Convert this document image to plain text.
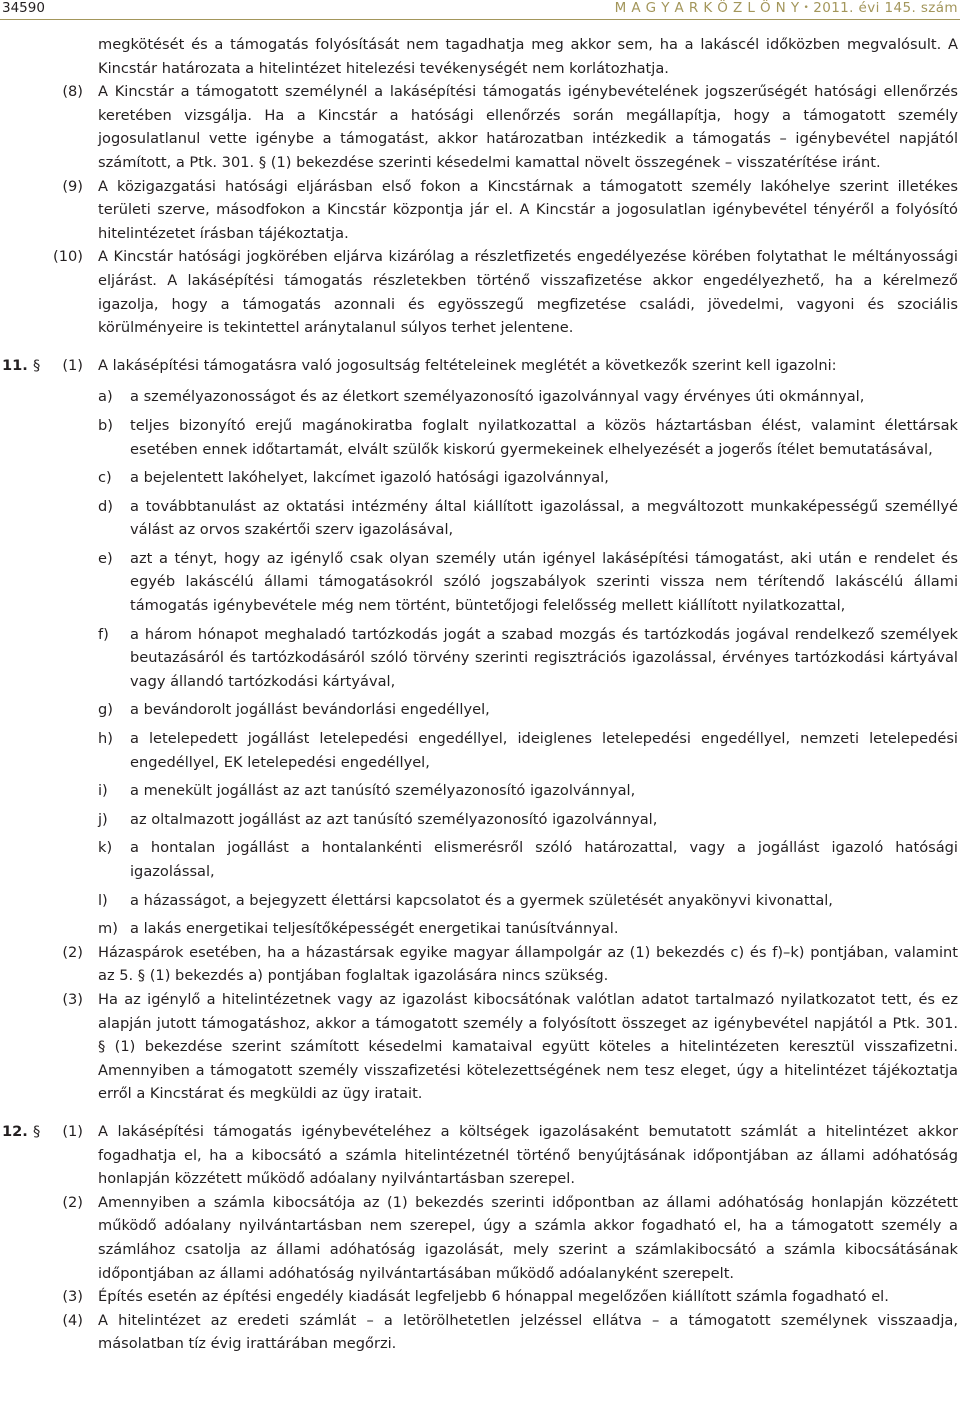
34590	M A G Y A R K Ö Z L Ö N Y • 2011. évi 145. szám
megkötését és a támogatás folyósítását nem tagadhatja meg akkor sem, ha a lakáscél időközben megvalósult. A Kincstár határozata a hitelintézet hitelezési tevékenységét nem korlátozhatja.
(8) A Kincstár a támogatott személynél a lakásépítési támogatás igénybevételének jogszerűségét hatósági ellenőrzés keretében vizsgálja. Ha a Kincstár a hatósági ellenőrzés során megállapítja, hogy a támogatott személy jogosulatlanul vette igénybe a támogatást, akkor határozatban intézkedik a támogatás – igénybevétel napjától számított, a Ptk. 301. § (1) bekezdése szerinti késedelmi kamattal növelt összegének – visszatérítése iránt.
(9) A közigazgatási hatósági eljárásban első fokon a Kincstárnak a támogatott személy lakóhelye szerint illetékes területi szerve, másodfokon a Kincstár központja jár el. A Kincstár a jogosulatlan igénybevétel tényéről a folyósító hitelintézetet írásban tájékoztatja.
(10) A Kincstár hatósági jogkörében eljárva kizárólag a részletfizetés engedélyezése körében folytathat le méltányossági eljárást. A lakásépítési támogatás részletekben történő visszafizetése akkor engedélyezhető, ha a kérelmező igazolja, hogy a támogatás azonnali és egyösszegű megfizetése családi, jövedelmi, vagyoni és szociális körülményeire is tekintettel aránytalanul súlyos terhet jelentene.
11. § (1) A lakásépítési támogatásra való jogosultság feltételeinek meglétét a következők szerint kell igazolni:
a) a személyazonosságot és az életkort személyazonosító igazolvánnyal vagy érvényes úti okmánnyal,
b) teljes bizonyító erejű magánokiratba foglalt nyilatkozattal a közös háztartásban élést, valamint élettársak esetében ennek időtartamát, elvált szülők kiskorú gyermekeinek elhelyezését a jogerős ítélet bemutatásával,
c) a bejelentett lakóhelyet, lakcímet igazoló hatósági igazolvánnyal,
d) a továbbtanulást az oktatási intézmény által kiállított igazolással, a megváltozott munkaképességű személlyé válást az orvos szakértői szerv igazolásával,
e) azt a tényt, hogy az igénylő csak olyan személy után igényel lakásépítési támogatást, aki után e rendelet és egyéb lakáscélú állami támogatásokról szóló jogszabályok szerinti vissza nem térítendő lakáscélú állami támogatás igénybevétele még nem történt, büntetőjogi felelősség mellett kiállított nyilatkozattal,
f) a három hónapot meghaladó tartózkodás jogát a szabad mozgás és tartózkodás jogával rendelkező személyek beutazásáról és tartózkodásáról szóló törvény szerinti regisztrációs igazolással, érvényes tartózkodási kártyával vagy állandó tartózkodási kártyával,
g) a bevándorolt jogállást bevándorlási engedéllyel,
h) a letelepedett jogállást letelepedési engedéllyel, ideiglenes letelepedési engedéllyel, nemzeti letelepedési engedéllyel, EK letelepedési engedéllyel,
i) a menekült jogállást az azt tanúsító személyazonosító igazolvánnyal,
j) az oltalmazott jogállást az azt tanúsító személyazonosító igazolvánnyal,
k) a hontalan jogállást a hontalankénti elismerésről szóló határozattal, vagy a jogállást igazoló hatósági igazolással,
l) a házasságot, a bejegyzett élettársi kapcsolatot és a gyermek születését anyakönyvi kivonattal,
m) a lakás energetikai teljesítőképességét energetikai tanúsítvánnyal.
(2) Házaspárok esetében, ha a házastársak egyike magyar állampolgár az (1) bekezdés c) és f)–k) pontjában, valamint az 5. § (1) bekezdés a) pontjában foglaltak igazolására nincs szükség.
(3) Ha az igénylő a hitelintézetnek vagy az igazolást kibocsátónak valótlan adatot tartalmazó nyilatkozatot tett, és ez alapján jutott támogatáshoz, akkor a támogatott személy a folyósított összeget az igénybevétel napjától a Ptk. 301. § (1) bekezdése szerint számított késedelmi kamataival együtt köteles a hitelintézeten keresztül visszafizetni. Amennyiben a támogatott személy visszafizetési kötelezettségének nem tesz eleget, úgy a hitelintézet tájékoztatja erről a Kincstárat és megküldi az ügy iratait.
12. § (1) A lakásépítési támogatás igénybevételéhez a költségek igazolásaként bemutatott számlát a hitelintézet akkor fogadhatja el, ha a kibocsátó a számla hitelintézetnél történő benyújtásának időpontjában az állami adóhatóság honlapján közzétett működő adóalany nyilvántartásban szerepel.
(2) Amennyiben a számla kibocsátója az (1) bekezdés szerinti időpontban az állami adóhatóság honlapján közzétett működő adóalany nyilvántartásban nem szerepel, úgy a számla akkor fogadható el, ha a támogatott személy a számlához csatolja az állami adóhatóság igazolását, mely szerint a számlakibocsátó a számla kibocsátásának időpontjában az állami adóhatóság nyilvántartásában működő adóalanyként szerepelt.
(3) Építés esetén az építési engedély kiadását legfeljebb 6 hónappal megelőzően kiállított számla fogadható el.
(4) A hitelintézet az eredeti számlát – a letörölhetetlen jelzéssel ellátva – a támogatott személynek visszaadja, másolatban tíz évig irattárában megőrzi.
